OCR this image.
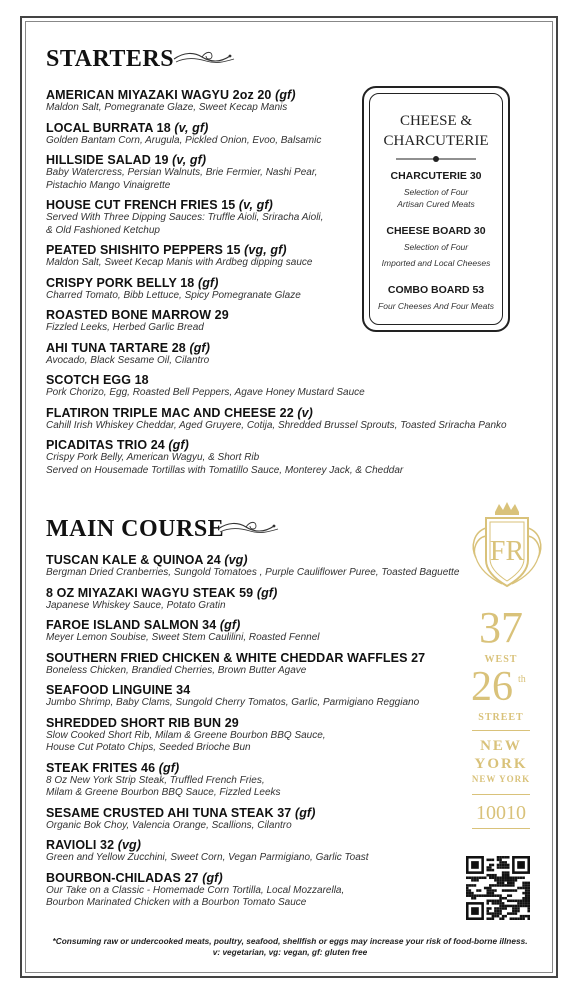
STARTERS
AMERICAN MIYAZAKI WAGYU 2oz 20 (gf)
Maldon Salt, Pomegranate Glaze, Sweet Kecap Manis
LOCAL BURRATA 18 (v, gf)
Golden Bantam Corn, Arugula, Pickled Onion, Evoo, Balsamic
HILLSIDE SALAD 19 (v, gf)
Baby Watercress, Persian Walnuts, Brie Fermier, Nashi Pear,
Pistachio Mango Vinaigrette
HOUSE CUT FRENCH FRIES 15 (v, gf)
Served With Three Dipping Sauces: Truffle Aioli, Sriracha Aioli,
& Old Fashioned Ketchup
PEATED SHISHITO PEPPERS 15 (vg, gf)
Maldon Salt, Sweet Kecap Manis with Ardbeg dipping sauce
CRISPY PORK BELLY 18 (gf)
Charred Tomato, Bibb Lettuce, Spicy Pomegranate Glaze
ROASTED BONE MARROW 29
Fizzled Leeks, Herbed Garlic Bread
AHI TUNA TARTARE 28 (gf)
Avocado, Black Sesame Oil, Cilantro
SCOTCH EGG 18
Pork Chorizo, Egg, Roasted Bell Peppers, Agave Honey Mustard Sauce
FLATIRON TRIPLE MAC AND CHEESE 22 (v)
Cahill Irish Whiskey Cheddar, Aged Gruyere, Cotija, Shredded Brussel Sprouts, Toasted Sriracha Panko
PICADITAS TRIO 24 (gf)
Crispy Pork Belly, American Wagyu, & Short Rib
Served on Housemade Tortillas with Tomatillo Sauce, Monterey Jack, & Cheddar
MAIN COURSE
TUSCAN KALE & QUINOA 24 (vg)
Bergman Dried Cranberries, Sungold Tomatoes , Purple Cauliflower Puree, Toasted Baguette
8 OZ MIYAZAKI WAGYU STEAK 59 (gf)
Japanese Whiskey Sauce, Potato Gratin
FAROE ISLAND SALMON 34 (gf)
Meyer Lemon Soubise, Sweet Stem Caulilini, Roasted Fennel
SOUTHERN FRIED CHICKEN & WHITE CHEDDAR WAFFLES 27
Boneless Chicken, Brandied Cherries, Brown Butter Agave
SEAFOOD LINGUINE 34
Jumbo Shrimp, Baby Clams, Sungold Cherry Tomatos, Garlic, Parmigiano Reggiano
SHREDDED SHORT RIB BUN 29
Slow Cooked Short Rib, Milam & Greene Bourbon BBQ Sauce,
House Cut Potato Chips, Seeded Brioche Bun
STEAK FRITES 46 (gf)
8 Oz New York Strip Steak, Truffled French Fries,
Milam & Greene Bourbon BBQ Sauce, Fizzled Leeks
SESAME CRUSTED AHI TUNA STEAK 37 (gf)
Organic Bok Choy, Valencia Orange, Scallions, Cilantro
RAVIOLI 32 (vg)
Green and Yellow Zucchini, Sweet Corn, Vegan Parmigiano, Garlic Toast
BOURBON-CHILADAS 27 (gf)
Our Take on a Classic - Homemade Corn Tortilla, Local Mozzarella,
Bourbon Marinated Chicken with a Bourbon Tomato Sauce
CHEESE &
CHARCUTERIE
CHARCUTERIE 30
Selection of Four
Artisan Cured Meats
CHEESE BOARD 30
Selection of Four
Imported and Local Cheeses
COMBO BOARD 53
Four Cheeses And Four Meats
FR
37
WEST
26 th
STREET
NEW
YORK
NEW YORK
10010
*Consuming raw or undercooked meats, poultry, seafood, shellfish or eggs may increase your risk of food-borne illness.
v: vegetarian, vg: vegan, gf: gluten free
